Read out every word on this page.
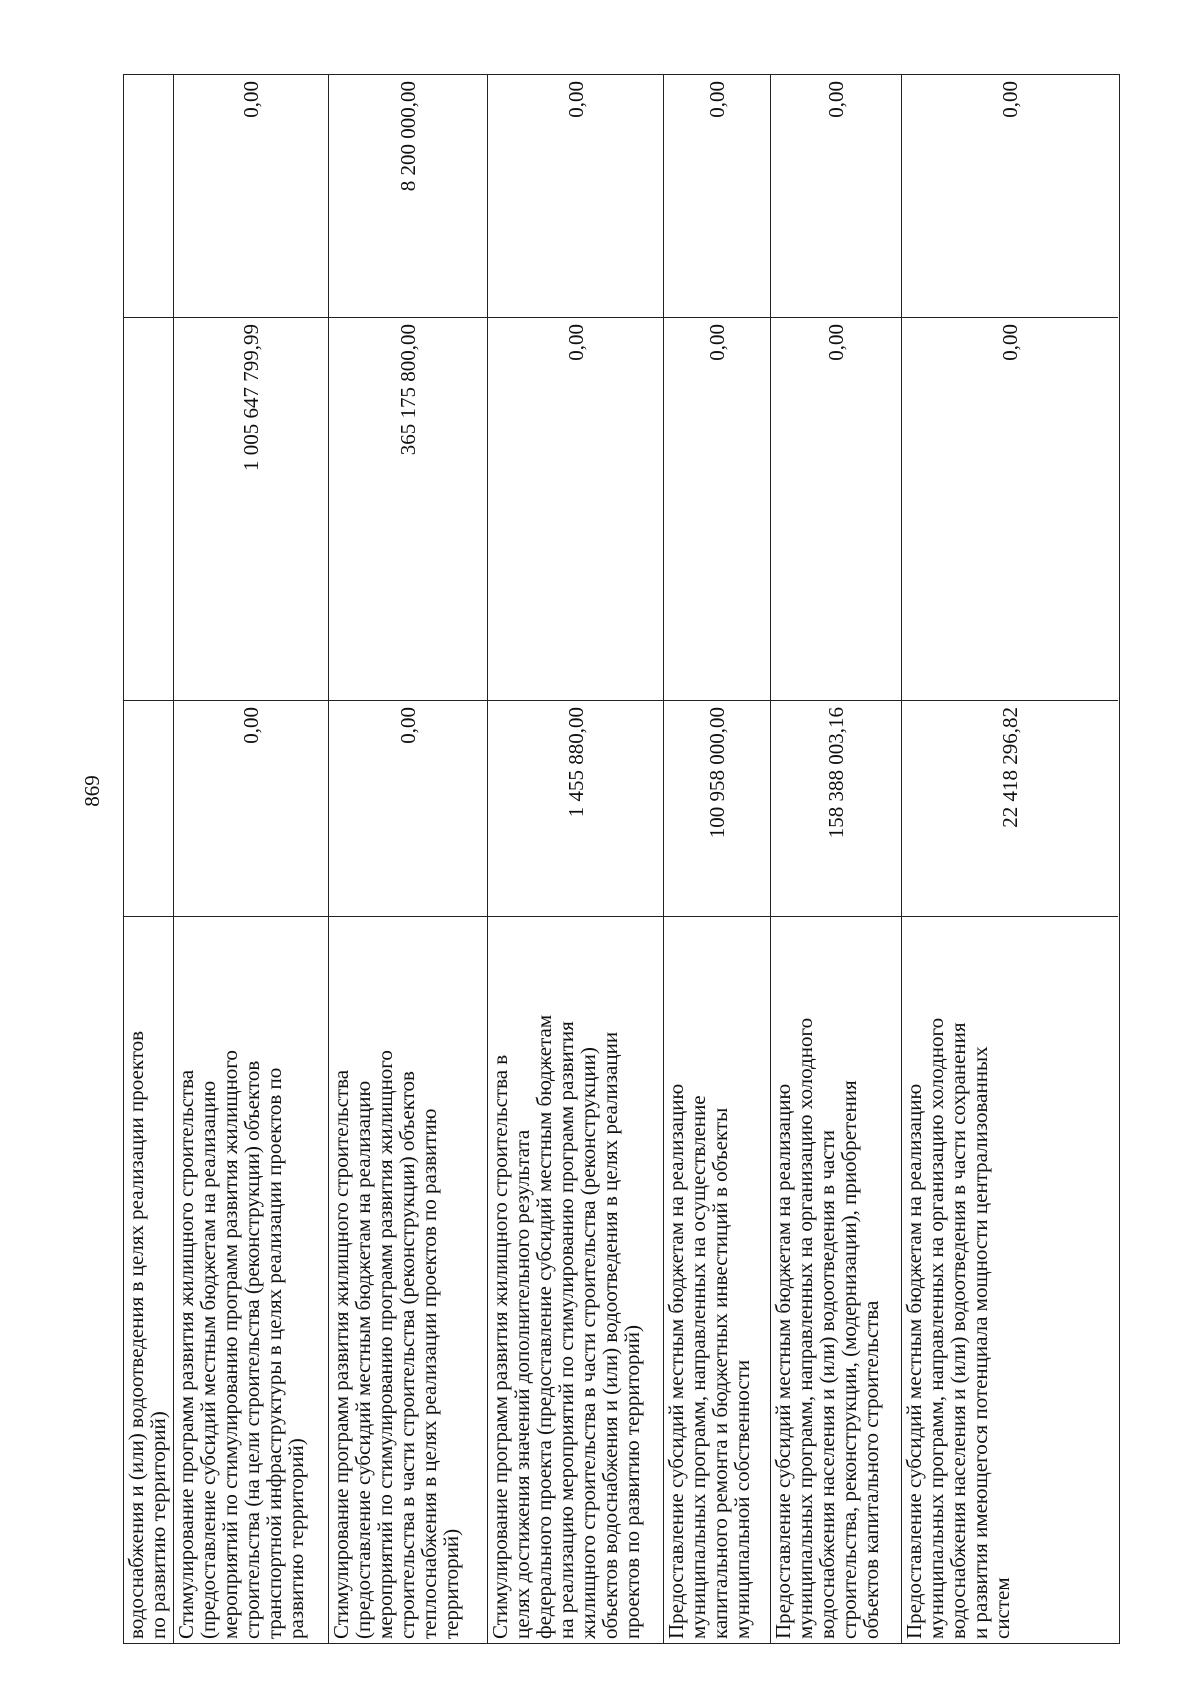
869
водоснабжения и (или) водоотведения в целях реализации проектов
по развитию территорий)
Стимулирование программ развития жилищного строительства
(предоставление субсидий местным бюджетам на реализацию
мероприятий по стимулированию программ развития жилищного
строительства (на цели строительства (реконструкции) объектов
транспортной инфраструктуры в целях реализации проектов по
развитию территорий)
0,00
1 005 647 799,99
0,00
Стимулирование программ развития жилищного строительства
(предоставление субсидий местным бюджетам на реализацию
мероприятий по стимулированию программ развития жилищного
строительства в части строительства (реконструкции) объектов
теплоснабжения в целях реализации проектов по развитию
территорий)
0,00
365 175 800,00
8 200 000,00
Стимулирование программ развития жилищного строительства в
целях достижения значений дополнительного результата
федерального проекта (предоставление субсидий местным бюджетам
на реализацию мероприятий по стимулированию программ развития
жилищного строительства в части строительства (реконструкции)
объектов водоснабжения и (или) водоотведения в целях реализации
проектов по развитию территорий)
1 455 880,00
0,00
0,00
Предоставление субсидий местным бюджетам на реализацию
муниципальных программ, направленных на осуществление
капитального ремонта и бюджетных инвестиций в объекты
муниципальной собственности
100 958 000,00
0,00
0,00
Предоставление субсидий местным бюджетам на реализацию
муниципальных программ, направленных на организацию холодного
водоснабжения населения и (или) водоотведения в части
строительства, реконструкции, (модернизации), приобретения
объектов капитального строительства
158 388 003,16
0,00
0,00
Предоставление субсидий местным бюджетам на реализацию
муниципальных программ, направленных на организацию холодного
водоснабжения населения и (или) водоотведения в части сохранения
и развития имеющегося потенциала мощности централизованных
систем
22 418 296,82
0,00
0,00
